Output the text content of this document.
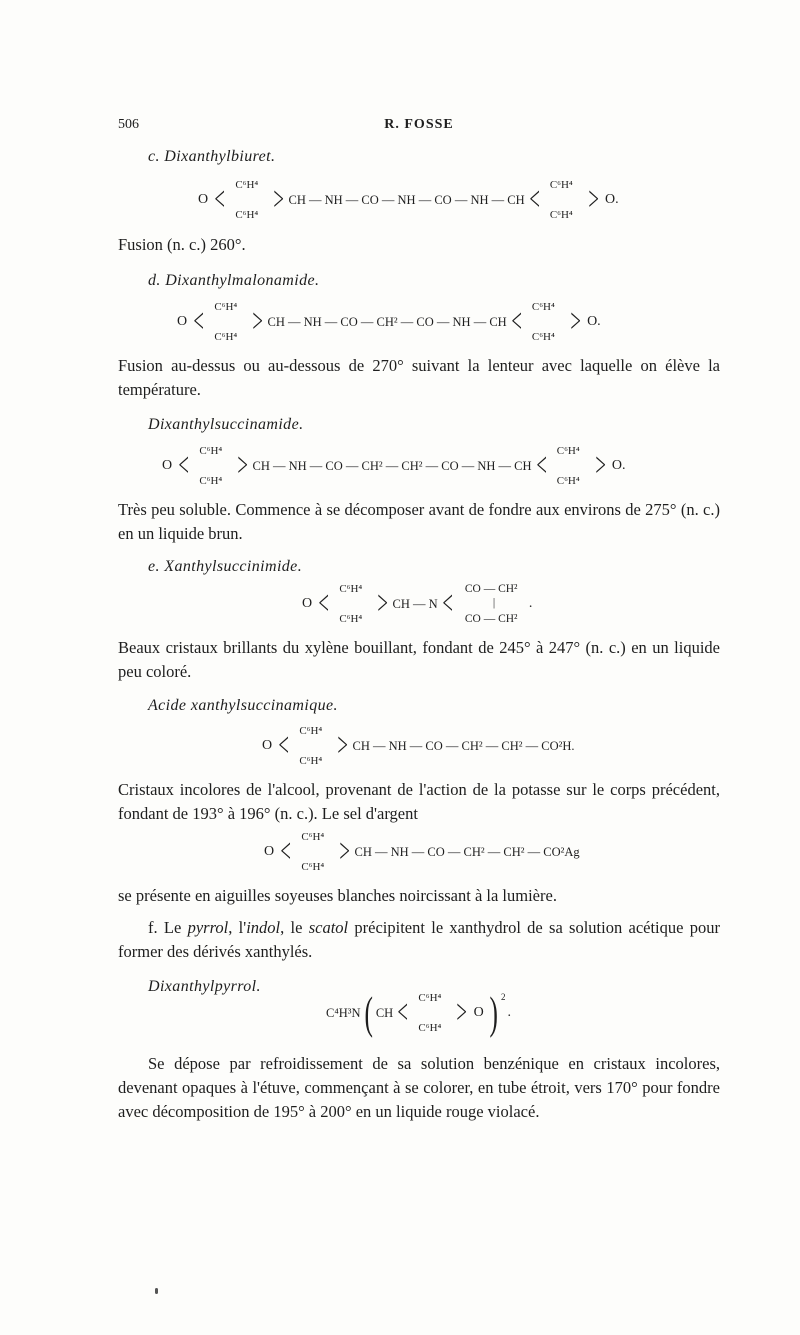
506	R. FOSSE

c. Dixanthylbiuret.

O < C⁶H⁴
C⁶H⁴ > CH — NH — CO — NH — CO — NH — CH < C⁶H⁴
C⁶H⁴ > O.

Fusion (n. c.) 260°.

d. Dixanthylmalonamide.

O < C⁶H⁴
C⁶H⁴ > CH — NH — CO — CH² — CO — NH — CH < C⁶H⁴
C⁶H⁴ > O.

Fusion au-dessus ou au-dessous de 270° suivant la lenteur avec laquelle on élève la température.

Dixanthylsuccinamide.

O < C⁶H⁴
C⁶H⁴ > CH — NH — CO — CH² — CH² — CO — NH — CH < C⁶H⁴
C⁶H⁴ > O.

Très peu soluble. Commence à se décomposer avant de fondre aux environs de 275° (n. c.) en un liquide brun.

e. Xanthylsuccinimide.

O < C⁶H⁴
C⁶H⁴ > CH — N < CO — CH²
|
CO — CH²
.

Beaux cristaux brillants du xylène bouillant, fondant de 245° à 247° (n. c.) en un liquide peu coloré.

Acide xanthylsuccinamique.

O < C⁶H⁴
C⁶H⁴ > CH — NH — CO — CH² — CH² — CO²H.

Cristaux incolores de l'alcool, provenant de l'action de la potasse sur le corps précédent, fondant de 193° à 196° (n. c.). Le sel d'argent

O < C⁶H⁴
C⁶H⁴ > CH — NH — CO — CH² — CH² — CO²Ag

se présente en aiguilles soyeuses blanches noircissant à la lumière.

f. Le pyrrol, l'indol, le scatol précipitent le xanthydrol de sa solution acétique pour former des dérivés xanthylés.

Dixanthylpyrrol.

C⁴H³N( CH < C⁶H⁴
C⁶H⁴ > O ) $^2$.

Se dépose par refroidissement de sa solution benzénique en cristaux incolores, devenant opaques à l'étuve, commençant à se colorer, en tube étroit, vers 170° pour fondre avec décomposition de 195° à 200° en un liquide rouge violacé.
